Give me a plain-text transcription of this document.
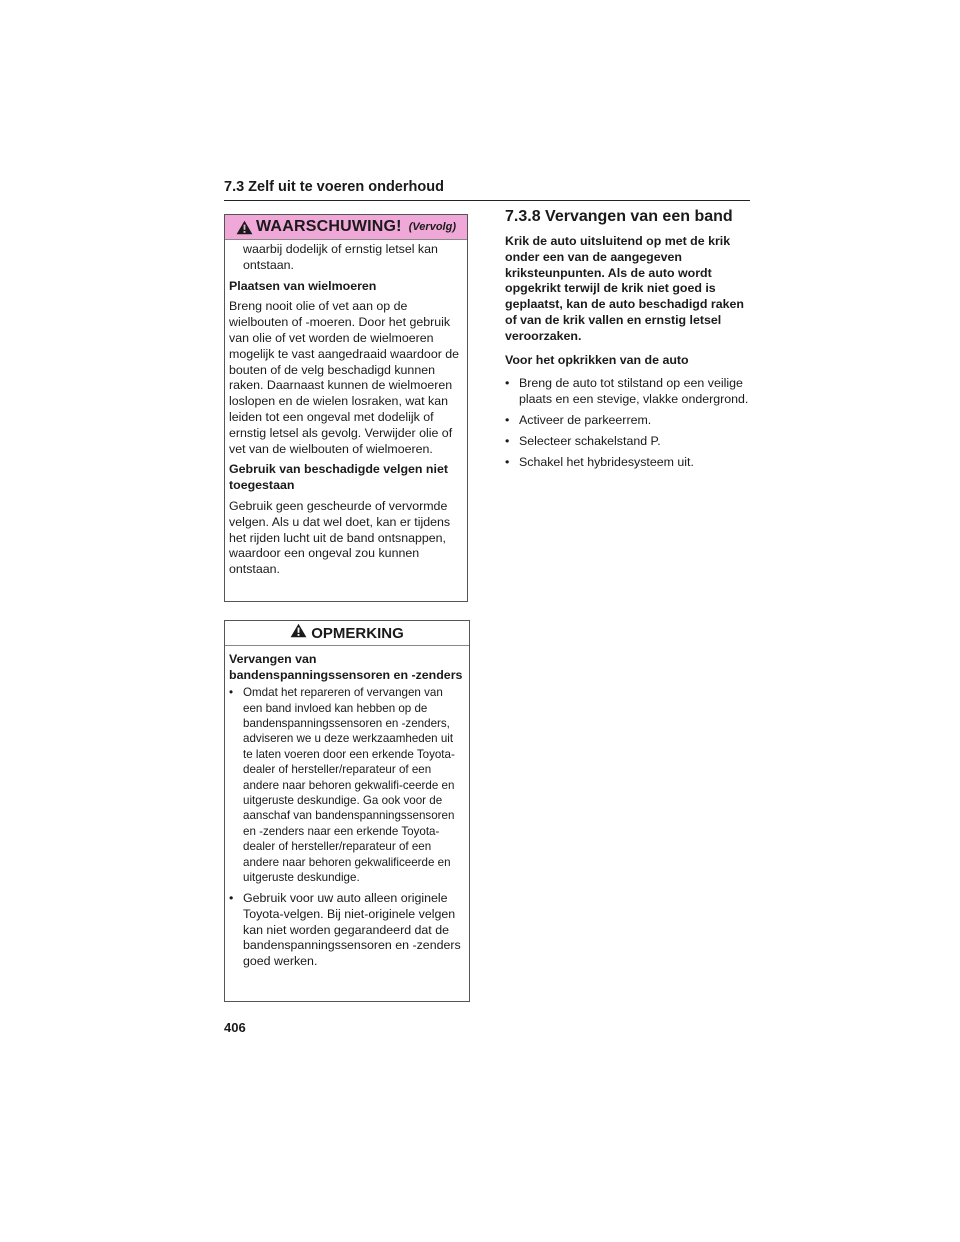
7.3 Zelf uit te voeren onderhoud
WAARSCHUWING! (Vervolg)

waarbij dodelijk of ernstig letsel kan ontstaan.

Plaatsen van wielmoeren

Breng nooit olie of vet aan op de wielbouten of -moeren. Door het gebruik van olie of vet worden de wielmoeren mogelijk te vast aangedraaid waardoor de bouten of de velg beschadigd kunnen raken. Daarnaast kunnen de wielmoeren loslopen en de wielen losraken, wat kan leiden tot een ongeval met dodelijk of ernstig letsel als gevolg. Verwijder olie of vet van de wielbouten of wielmoeren.

Gebruik van beschadigde velgen niet toegestaan

Gebruik geen gescheurde of vervormde velgen. Als u dat wel doet, kan er tijdens het rijden lucht uit de band ontsnappen, waardoor een ongeval zou kunnen ontstaan.

OPMERKING
Vervangen van bandenspanningssensoren en -zenders
• Omdat het repareren of vervangen van een band invloed kan hebben op de bandenspanningssensoren en -zenders, adviseren we u deze werkzaamheden uit te laten voeren door een erkende Toyota-dealer of hersteller/reparateur of een andere naar behoren gekwalifi-ceerde en uitgeruste deskundige. Ga ook voor de aanschaf van bandenspanningssensoren en -zenders naar een erkende Toyota-dealer of hersteller/reparateur of een andere naar behoren gekwalificeerde en uitgeruste deskundige.
• Gebruik voor uw auto alleen originele Toyota-velgen. Bij niet-originele velgen kan niet worden gegarandeerd dat de bandenspanningssensoren en -zenders goed werken.
7.3.8 Vervangen van een band
Krik de auto uitsluitend op met de krik onder een van de aangegeven kriksteunpunten. Als de auto wordt opgekrikt terwijl de krik niet goed is geplaatst, kan de auto beschadigd raken of van de krik vallen en ernstig letsel veroorzaken.
Voor het opkrikken van de auto
• Breng de auto tot stilstand op een veilige plaats en een stevige, vlakke ondergrond.
• Activeer de parkeerrem.
• Selecteer schakelstand P.
• Schakel het hybridesysteem uit.
406
